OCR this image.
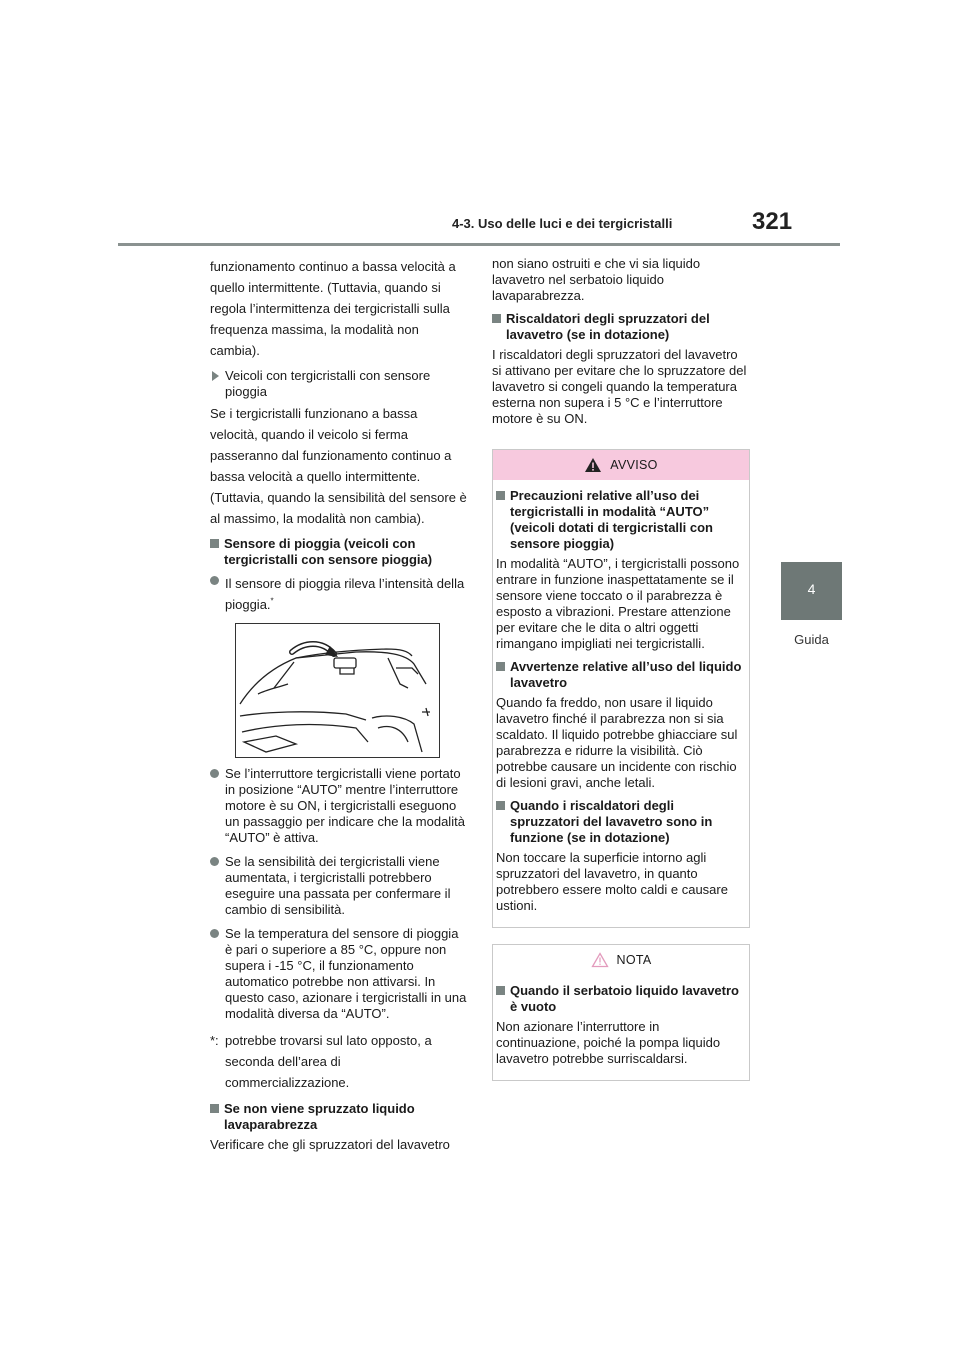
4-3. Uso delle luci e dei tergicristalli	321
4
Guida

funzionamento continuo a bassa velocità a quello intermittente. (Tuttavia, quando si regola l’intermittenza dei tergicristalli sulla frequenza massima, la modalità non cambia).

Veicoli con tergicristalli con sensore pioggia

Se i tergicristalli funzionano a bassa velocità, quando il veicolo si ferma passeranno dal funzionamento continuo a bassa velocità a quello intermittente. (Tuttavia, quando la sensibilità del sensore è al massimo, la modalità non cambia).

Sensore di pioggia (veicoli con tergicristalli con sensore pioggia)
Il sensore di pioggia rileva l’intensità della pioggia.*
Se l’interruttore tergicristalli viene portato in posizione “AUTO” mentre l’interruttore motore è su ON, i tergicristalli eseguono un passaggio per indicare che la modalità “AUTO” è attiva.
Se la sensibilità dei tergicristalli viene aumentata, i tergicristalli potrebbero eseguire una passata per confermare il cambio di sensibilità.
Se la temperatura del sensore di pioggia è pari o superiore a 85 °C, oppure non supera i -15 °C, il funzionamento automatico potrebbe non attivarsi. In questo caso, azionare i tergicristalli in una modalità diversa da “AUTO”.
*: potrebbe trovarsi sul lato opposto, a seconda dell’area di commercializzazione.
Se non viene spruzzato liquido lavaparabrezza

Verificare che gli spruzzatori del lavavetro

non siano ostruiti e che vi sia liquido lavavetro nel serbatoio liquido lavaparabrezza.

Riscaldatori degli spruzzatori del lavavetro (se in dotazione)

I riscaldatori degli spruzzatori del lavavetro si attivano per evitare che lo spruzzatore del lavavetro si congeli quando la temperatura esterna non supera i 5 °C e l’interruttore motore è su ON.

AVVISO
Precauzioni relative all’uso dei tergicristalli in modalità “AUTO” (veicoli dotati di tergicristalli con sensore pioggia)

In modalità “AUTO”, i tergicristalli possono entrare in funzione inaspettatamente se il sensore viene toccato o il parabrezza è esposto a vibrazioni. Prestare attenzione per evitare che le dita o altri oggetti rimangano impigliati nei tergicristalli.

Avvertenze relative all’uso del liquido lavavetro

Quando fa freddo, non usare il liquido lavavetro finché il parabrezza non si sia scaldato. Il liquido potrebbe ghiacciare sul parabrezza e ridurre la visibilità. Ciò potrebbe causare un incidente con rischio di lesioni gravi, anche letali.

Quando i riscaldatori degli spruzzatori del lavavetro sono in funzione (se in dotazione)

Non toccare la superficie intorno agli spruzzatori del lavavetro, in quanto potrebbero essere molto caldi e causare ustioni.

NOTA
Quando il serbatoio liquido lavavetro è vuoto

Non azionare l’interruttore in continuazione, poiché la pompa liquido lavavetro potrebbe surriscaldarsi.
